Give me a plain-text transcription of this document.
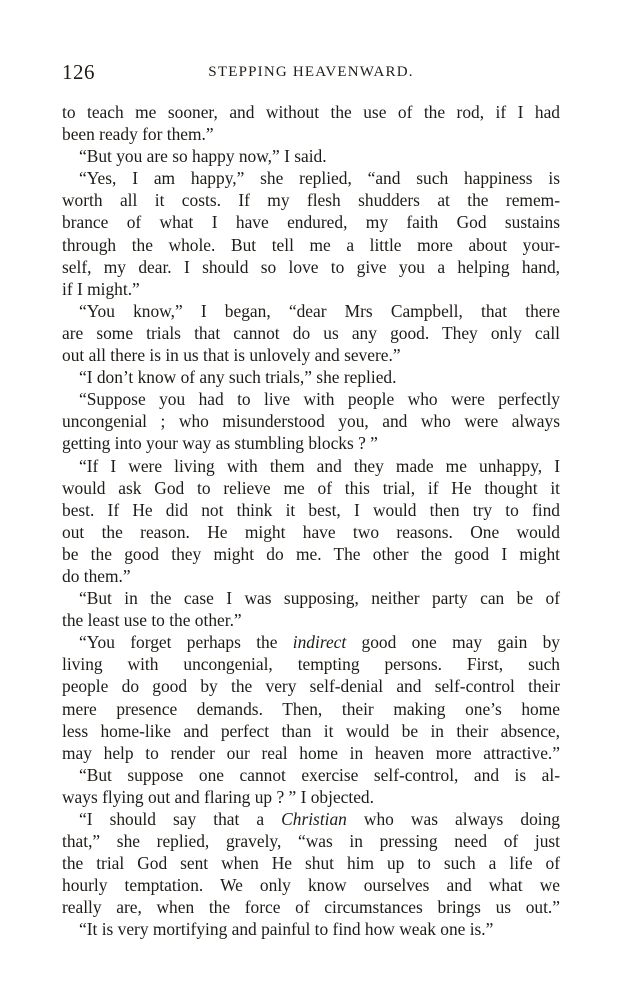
126	STEPPING HEAVENWARD.
to teach me sooner, and without the use of the rod, if I had
been ready for them.”
“But you are so happy now,” I said.
“Yes, I am happy,” she replied, “and such happiness is
worth all it costs. If my flesh shudders at the remem-
brance of what I have endured, my faith God sustains
through the whole. But tell me a little more about your-
self, my dear. I should so love to give you a helping hand,
if I might.”
“You know,” I began, “dear Mrs Campbell, that there
are some trials that cannot do us any good. They only call
out all there is in us that is unlovely and severe.”
“I don’t know of any such trials,” she replied.
“Suppose you had to live with people who were perfectly
uncongenial ; who misunderstood you, and who were always
getting into your way as stumbling blocks ? ”
“If I were living with them and they made me unhappy, I
would ask God to relieve me of this trial, if He thought it
best. If He did not think it best, I would then try to find
out the reason. He might have two reasons. One would
be the good they might do me. The other the good I might
do them.”
“But in the case I was supposing, neither party can be of
the least use to the other.”
“You forget perhaps the indirect good one may gain by
living with uncongenial, tempting persons. First, such
people do good by the very self-denial and self-control their
mere presence demands. Then, their making one’s home
less home-like and perfect than it would be in their absence,
may help to render our real home in heaven more attractive.”
“But suppose one cannot exercise self-control, and is al-
ways flying out and flaring up ? ” I objected.
“I should say that a Christian who was always doing
that,” she replied, gravely, “was in pressing need of just
the trial God sent when He shut him up to such a life of
hourly temptation. We only know ourselves and what we
really are, when the force of circumstances brings us out.”
“It is very mortifying and painful to find how weak one is.”
